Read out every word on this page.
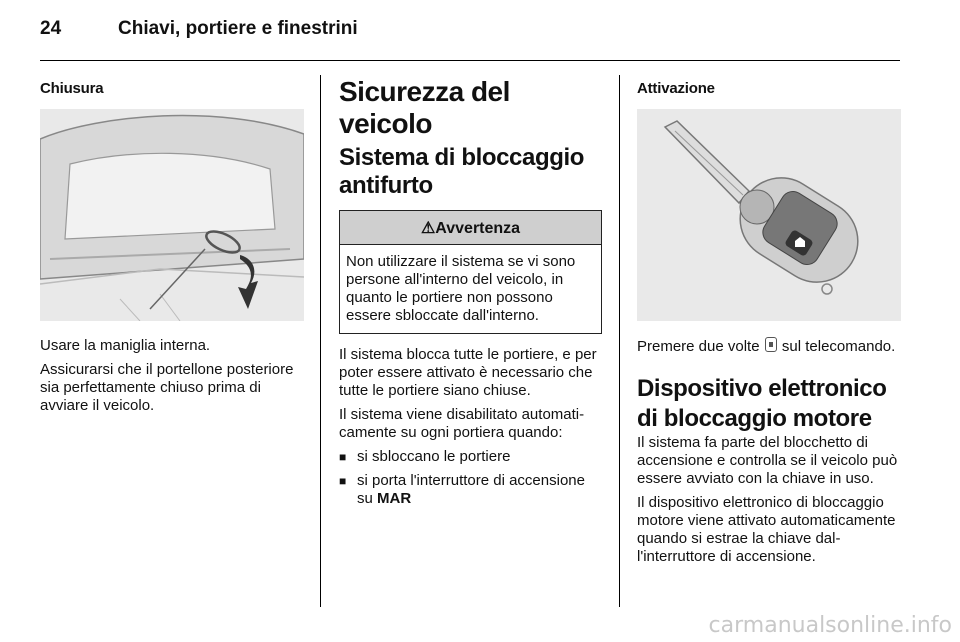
24	Chiavi, portiere e finestrini
Chiusura

Usare la maniglia interna.

Assicurarsi che il portellone posteriore sia perfettamente chiuso prima di avviare il veicolo.

Sicurezza del veicolo
Sistema di bloccaggio antifurto
⚠Avvertenza
Non utilizzare il sistema se vi sono persone all'interno del veicolo, in quanto le portiere non possono essere sbloccate dall'interno.

Il sistema blocca tutte le portiere, e per poter essere attivato è necessario che tutte le portiere siano chiuse.

Il sistema viene disabilitato automaticamente su ogni portiera quando:

■ si sbloccano le portiere
■ si porta l'interruttore di accensione su MAR
Attivazione

Premere due volte  sul telecomando.

Dispositivo elettronico di bloccaggio motore

Il sistema fa parte del blocchetto di accensione e controlla se il veicolo può essere avviato con la chiave in uso.

Il dispositivo elettronico di bloccaggio motore viene attivato automaticamente quando si estrae la chiave dall'interruttore di accensione.

carmanualsonline.info
